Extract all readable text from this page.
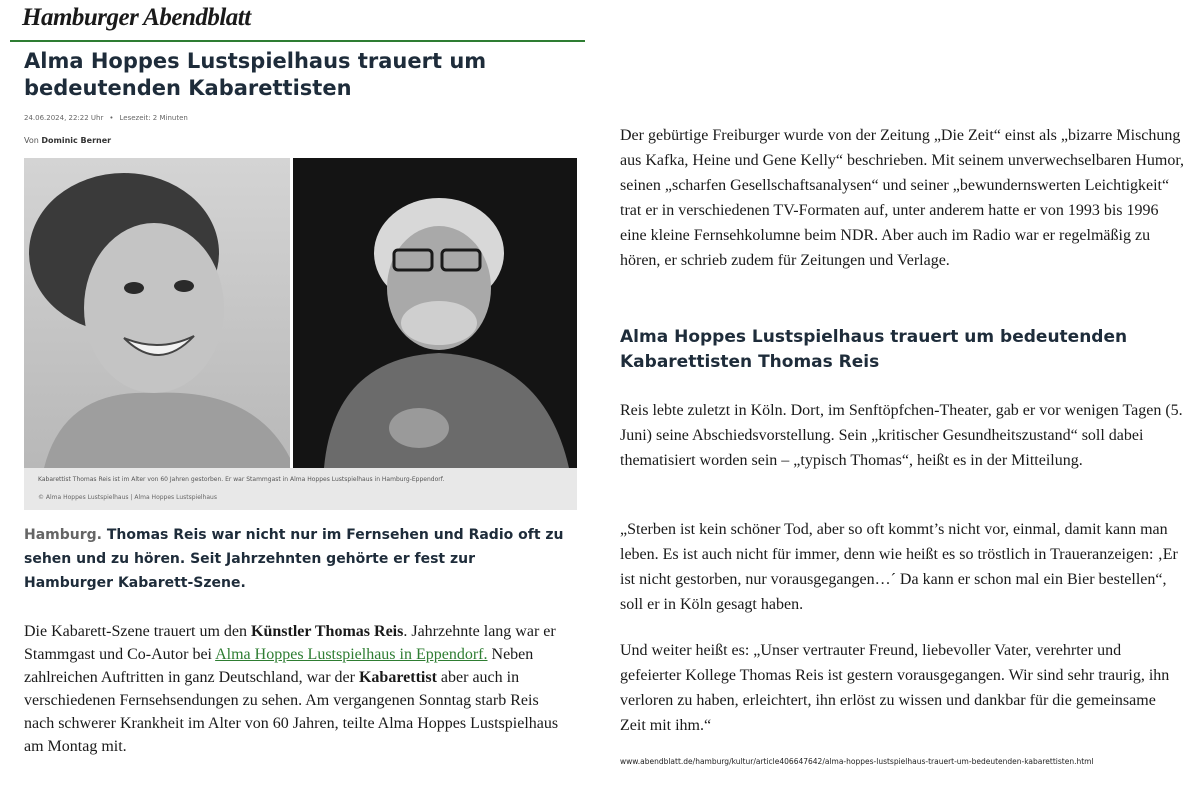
Hamburger Abendblatt
Alma Hoppes Lustspielhaus trauert um bedeutenden Kabarettisten
24.06.2024, 22:22 Uhr • Lesezeit: 2 Minuten
Von Dominic Berner
Kabarettist Thomas Reis ist im Alter von 60 Jahren gestorben. Er war Stammgast in Alma Hoppes Lustspielhaus in Hamburg-Eppendorf.
© Alma Hoppes Lustspielhaus | Alma Hoppes Lustspielhaus

Hamburg. Thomas Reis war nicht nur im Fernsehen und Radio oft zu sehen und zu hören. Seit Jahrzehnten gehörte er fest zur Hamburger Kabarett-Szene.

Die Kabarett-Szene trauert um den Künstler Thomas Reis. Jahrzehnte lang war er Stammgast und Co-Autor bei Alma Hoppes Lustspielhaus in Eppendorf. Neben zahlreichen Auftritten in ganz Deutschland, war der Kabarettist aber auch in verschiedenen Fernsehsendungen zu sehen. Am vergangenen Sonntag starb Reis nach schwerer Krankheit im Alter von 60 Jahren, teilte Alma Hoppes Lustspielhaus am Montag mit.

Der gebürtige Freiburger wurde von der Zeitung „Die Zeit“ einst als „bizarre Mischung aus Kafka, Heine und Gene Kelly“ beschrieben. Mit seinem unverwechselbaren Humor, seinen „scharfen Gesellschaftsanalysen“ und seiner „bewundernswerten Leichtigkeit“ trat er in verschiedenen TV-Formaten auf, unter anderem hatte er von 1993 bis 1996 eine kleine Fernsehkolumne beim NDR. Aber auch im Radio war er regelmäßig zu hören, er schrieb zudem für Zeitungen und Verlage.

Alma Hoppes Lustspielhaus trauert um bedeutenden Kabarettisten Thomas Reis

Reis lebte zuletzt in Köln. Dort, im Senftöpfchen-Theater, gab er vor wenigen Tagen (5. Juni) seine Abschiedsvorstellung. Sein „kritischer Gesundheitszustand“ soll dabei thematisiert worden sein – „typisch Thomas“, heißt es in der Mitteilung.

„Sterben ist kein schöner Tod, aber so oft kommt’s nicht vor, einmal, damit kann man leben. Es ist auch nicht für immer, denn wie heißt es so tröstlich in Traueranzeigen: ‚Er ist nicht gestorben, nur vorausgegangen…´ Da kann er schon mal ein Bier bestellen“, soll er in Köln gesagt haben.

Und weiter heißt es: „Unser vertrauter Freund, liebevoller Vater, verehrter und gefeierter Kollege Thomas Reis ist gestern vorausgegangen. Wir sind sehr traurig, ihn verloren zu haben, erleichtert, ihn erlöst zu wissen und dankbar für die gemeinsame Zeit mit ihm.“

www.abendblatt.de/hamburg/kultur/article406647642/alma-hoppes-lustspielhaus-trauert-um-bedeutenden-kabarettisten.html
